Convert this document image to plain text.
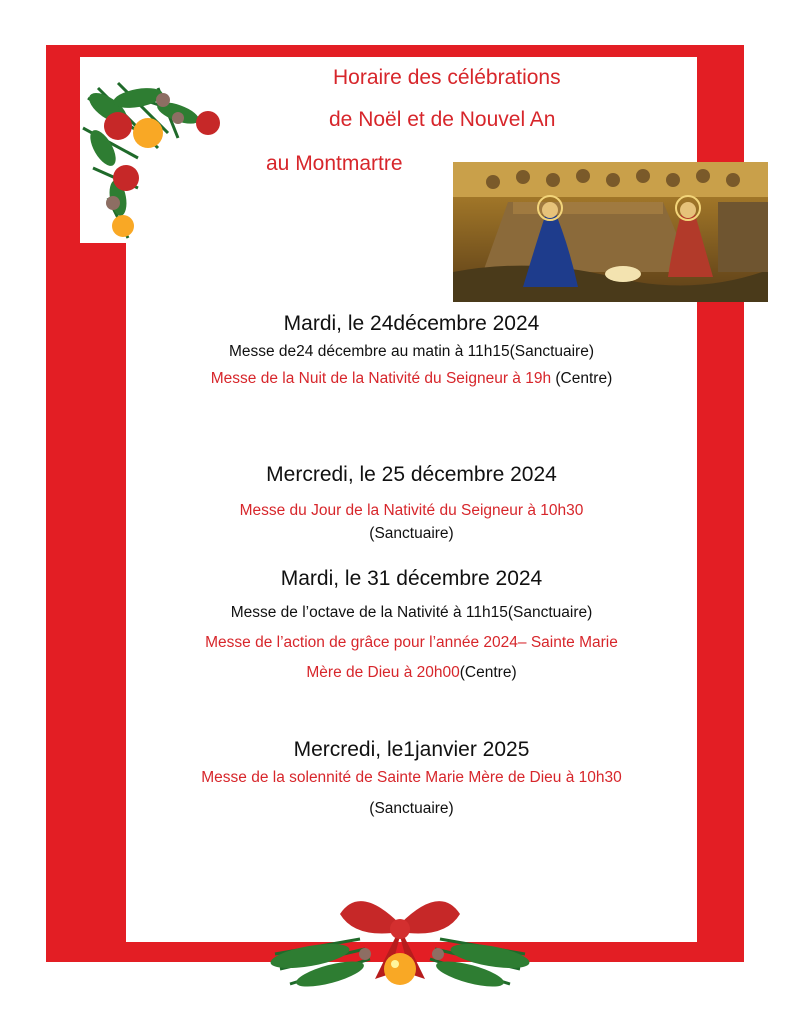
Horaire des célébrations
de Noël et de Nouvel An
au Montmartre
Mardi, le 24décembre 2024
Messe de24 décembre au matin à 11h15(Sanctuaire)
Messe de la Nuit de la Nativité du Seigneur à 19h (Centre)
Mercredi, le 25 décembre 2024
Messe du Jour de la Nativité du Seigneur à 10h30
(Sanctuaire)
Mardi, le 31 décembre 2024
Messe de l’octave de la Nativité à 11h15(Sanctuaire)
Messe de l’action de grâce pour l’année 2024– Sainte Marie
Mère de Dieu à 20h00(Centre)
Mercredi, le1janvier 2025
Messe de la solennité de Sainte Marie Mère de Dieu à 10h30
(Sanctuaire)
